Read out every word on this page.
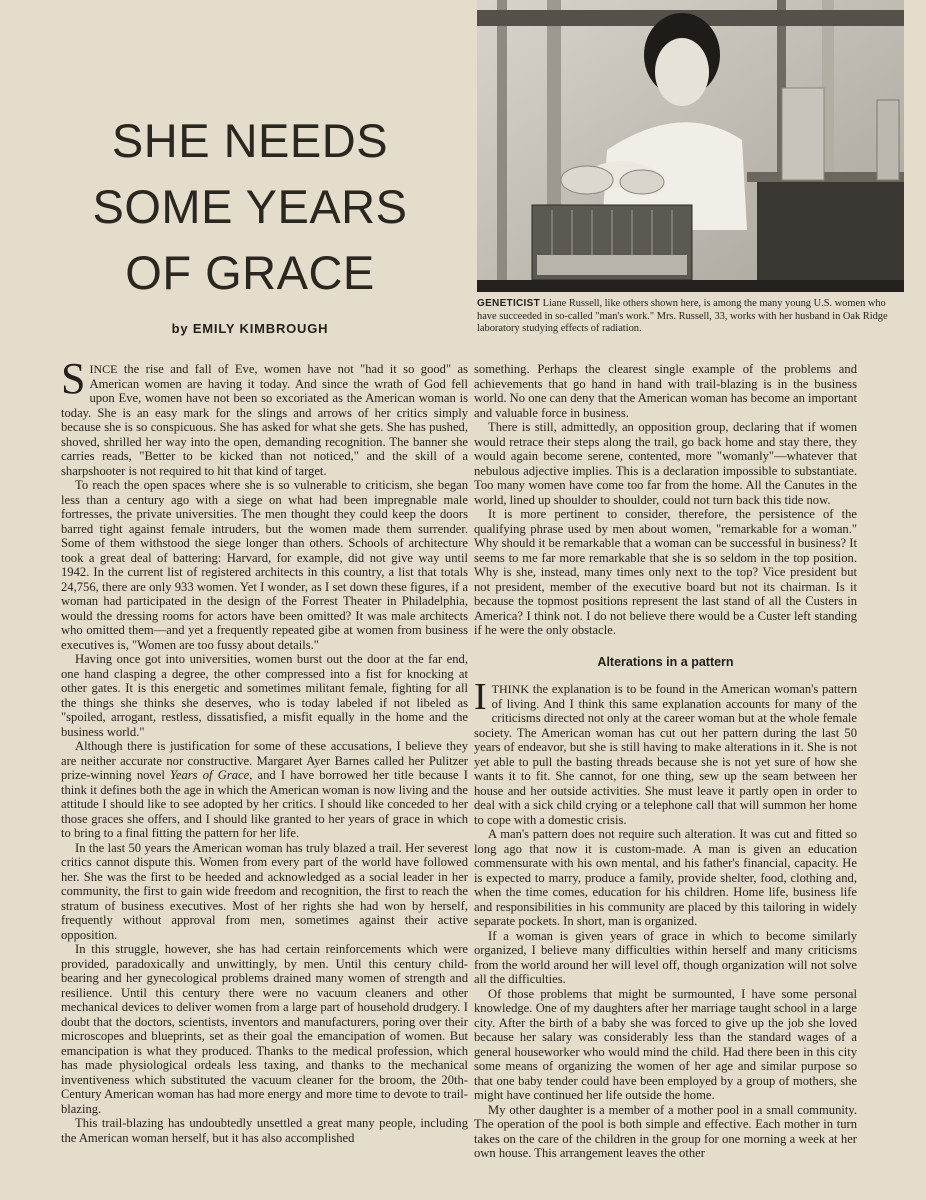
SHE NEEDS
SOME YEARS
OF GRACE
by EMILY KIMBROUGH
GENETICIST Liane Russell, like others shown here, is among the many young U.S. women who have succeeded in so-called "man's work." Mrs. Russell, 33, works with her husband in Oak Ridge laboratory studying effects of radiation.

SINCE the rise and fall of Eve, women have not "had it so good" as American women are having it today. And since the wrath of God fell upon Eve, women have not been so excoriated as the American woman is today. She is an easy mark for the slings and arrows of her critics simply because she is so conspicuous. She has asked for what she gets. She has pushed, shoved, shrilled her way into the open, demanding recognition. The banner she carries reads, "Better to be kicked than not noticed," and the skill of a sharpshooter is not required to hit that kind of target.

To reach the open spaces where she is so vulnerable to criticism, she began less than a century ago with a siege on what had been impregnable male fortresses, the private universities. The men thought they could keep the doors barred tight against female intruders, but the women made them surrender. Some of them withstood the siege longer than others. Schools of architecture took a great deal of battering: Harvard, for example, did not give way until 1942. In the current list of registered architects in this country, a list that totals 24,756, there are only 933 women. Yet I wonder, as I set down these figures, if a woman had participated in the design of the Forrest Theater in Philadelphia, would the dressing rooms for actors have been omitted? It was male architects who omitted them—and yet a frequently repeated gibe at women from business executives is, "Women are too fussy about details."

Having once got into universities, women burst out the door at the far end, one hand clasping a degree, the other compressed into a fist for knocking at other gates. It is this energetic and sometimes militant female, fighting for all the things she thinks she deserves, who is today labeled if not libeled as "spoiled, arrogant, restless, dissatisfied, a misfit equally in the home and the business world."

Although there is justification for some of these accusations, I believe they are neither accurate nor constructive. Margaret Ayer Barnes called her Pulitzer prize-winning novel Years of Grace, and I have borrowed her title because I think it defines both the age in which the American woman is now living and the attitude I should like to see adopted by her critics. I should like conceded to her those graces she offers, and I should like granted to her years of grace in which to bring to a final fitting the pattern for her life.

In the last 50 years the American woman has truly blazed a trail. Her severest critics cannot dispute this. Women from every part of the world have followed her. She was the first to be heeded and acknowledged as a social leader in her community, the first to gain wide freedom and recognition, the first to reach the stratum of business executives. Most of her rights she had won by herself, frequently without approval from men, sometimes against their active opposition.

In this struggle, however, she has had certain reinforcements which were provided, paradoxically and unwittingly, by men. Until this century child-bearing and her gynecological problems drained many women of strength and resilience. Until this century there were no vacuum cleaners and other mechanical devices to deliver women from a large part of household drudgery. I doubt that the doctors, scientists, inventors and manufacturers, poring over their microscopes and blueprints, set as their goal the emancipation of women. But emancipation is what they produced. Thanks to the medical profession, which has made physiological ordeals less taxing, and thanks to the mechanical inventiveness which substituted the vacuum cleaner for the broom, the 20th-Century American woman has had more energy and more time to devote to trail-blazing.

This trail-blazing has undoubtedly unsettled a great many people, including the American woman herself, but it has also accomplished

something. Perhaps the clearest single example of the problems and achievements that go hand in hand with trail-blazing is in the business world. No one can deny that the American woman has become an important and valuable force in business.

There is still, admittedly, an opposition group, declaring that if women would retrace their steps along the trail, go back home and stay there, they would again become serene, contented, more "womanly"—whatever that nebulous adjective implies. This is a declaration impossible to substantiate. Too many women have come too far from the home. All the Canutes in the world, lined up shoulder to shoulder, could not turn back this tide now.

It is more pertinent to consider, therefore, the persistence of the qualifying phrase used by men about women, "remarkable for a woman." Why should it be remarkable that a woman can be successful in business? It seems to me far more remarkable that she is so seldom in the top position. Why is she, instead, many times only next to the top? Vice president but not president, member of the executive board but not its chairman. Is it because the topmost positions represent the last stand of all the Custers in America? I think not. I do not believe there would be a Custer left standing if he were the only obstacle.

Alterations in a pattern

ITHINK the explanation is to be found in the American woman's pattern of living. And I think this same explanation accounts for many of the criticisms directed not only at the career woman but at the whole female society. The American woman has cut out her pattern during the last 50 years of endeavor, but she is still having to make alterations in it. She is not yet able to pull the basting threads because she is not yet sure of how she wants it to fit. She cannot, for one thing, sew up the seam between her house and her outside activities. She must leave it partly open in order to deal with a sick child crying or a telephone call that will summon her home to cope with a domestic crisis.

A man's pattern does not require such alteration. It was cut and fitted so long ago that now it is custom-made. A man is given an education commensurate with his own mental, and his father's financial, capacity. He is expected to marry, produce a family, provide shelter, food, clothing and, when the time comes, education for his children. Home life, business life and responsibilities in his community are placed by this tailoring in widely separate pockets. In short, man is organized.

If a woman is given years of grace in which to become similarly organized, I believe many difficulties within herself and many criticisms from the world around her will level off, though organization will not solve all the difficulties.

Of those problems that might be surmounted, I have some personal knowledge. One of my daughters after her marriage taught school in a large city. After the birth of a baby she was forced to give up the job she loved because her salary was considerably less than the standard wages of a general houseworker who would mind the child. Had there been in this city some means of organizing the women of her age and similar purpose so that one baby tender could have been employed by a group of mothers, she might have continued her life outside the home.

My other daughter is a member of a mother pool in a small community. The operation of the pool is both simple and effective. Each mother in turn takes on the care of the children in the group for one morning a week at her own house. This arrangement leaves the other
